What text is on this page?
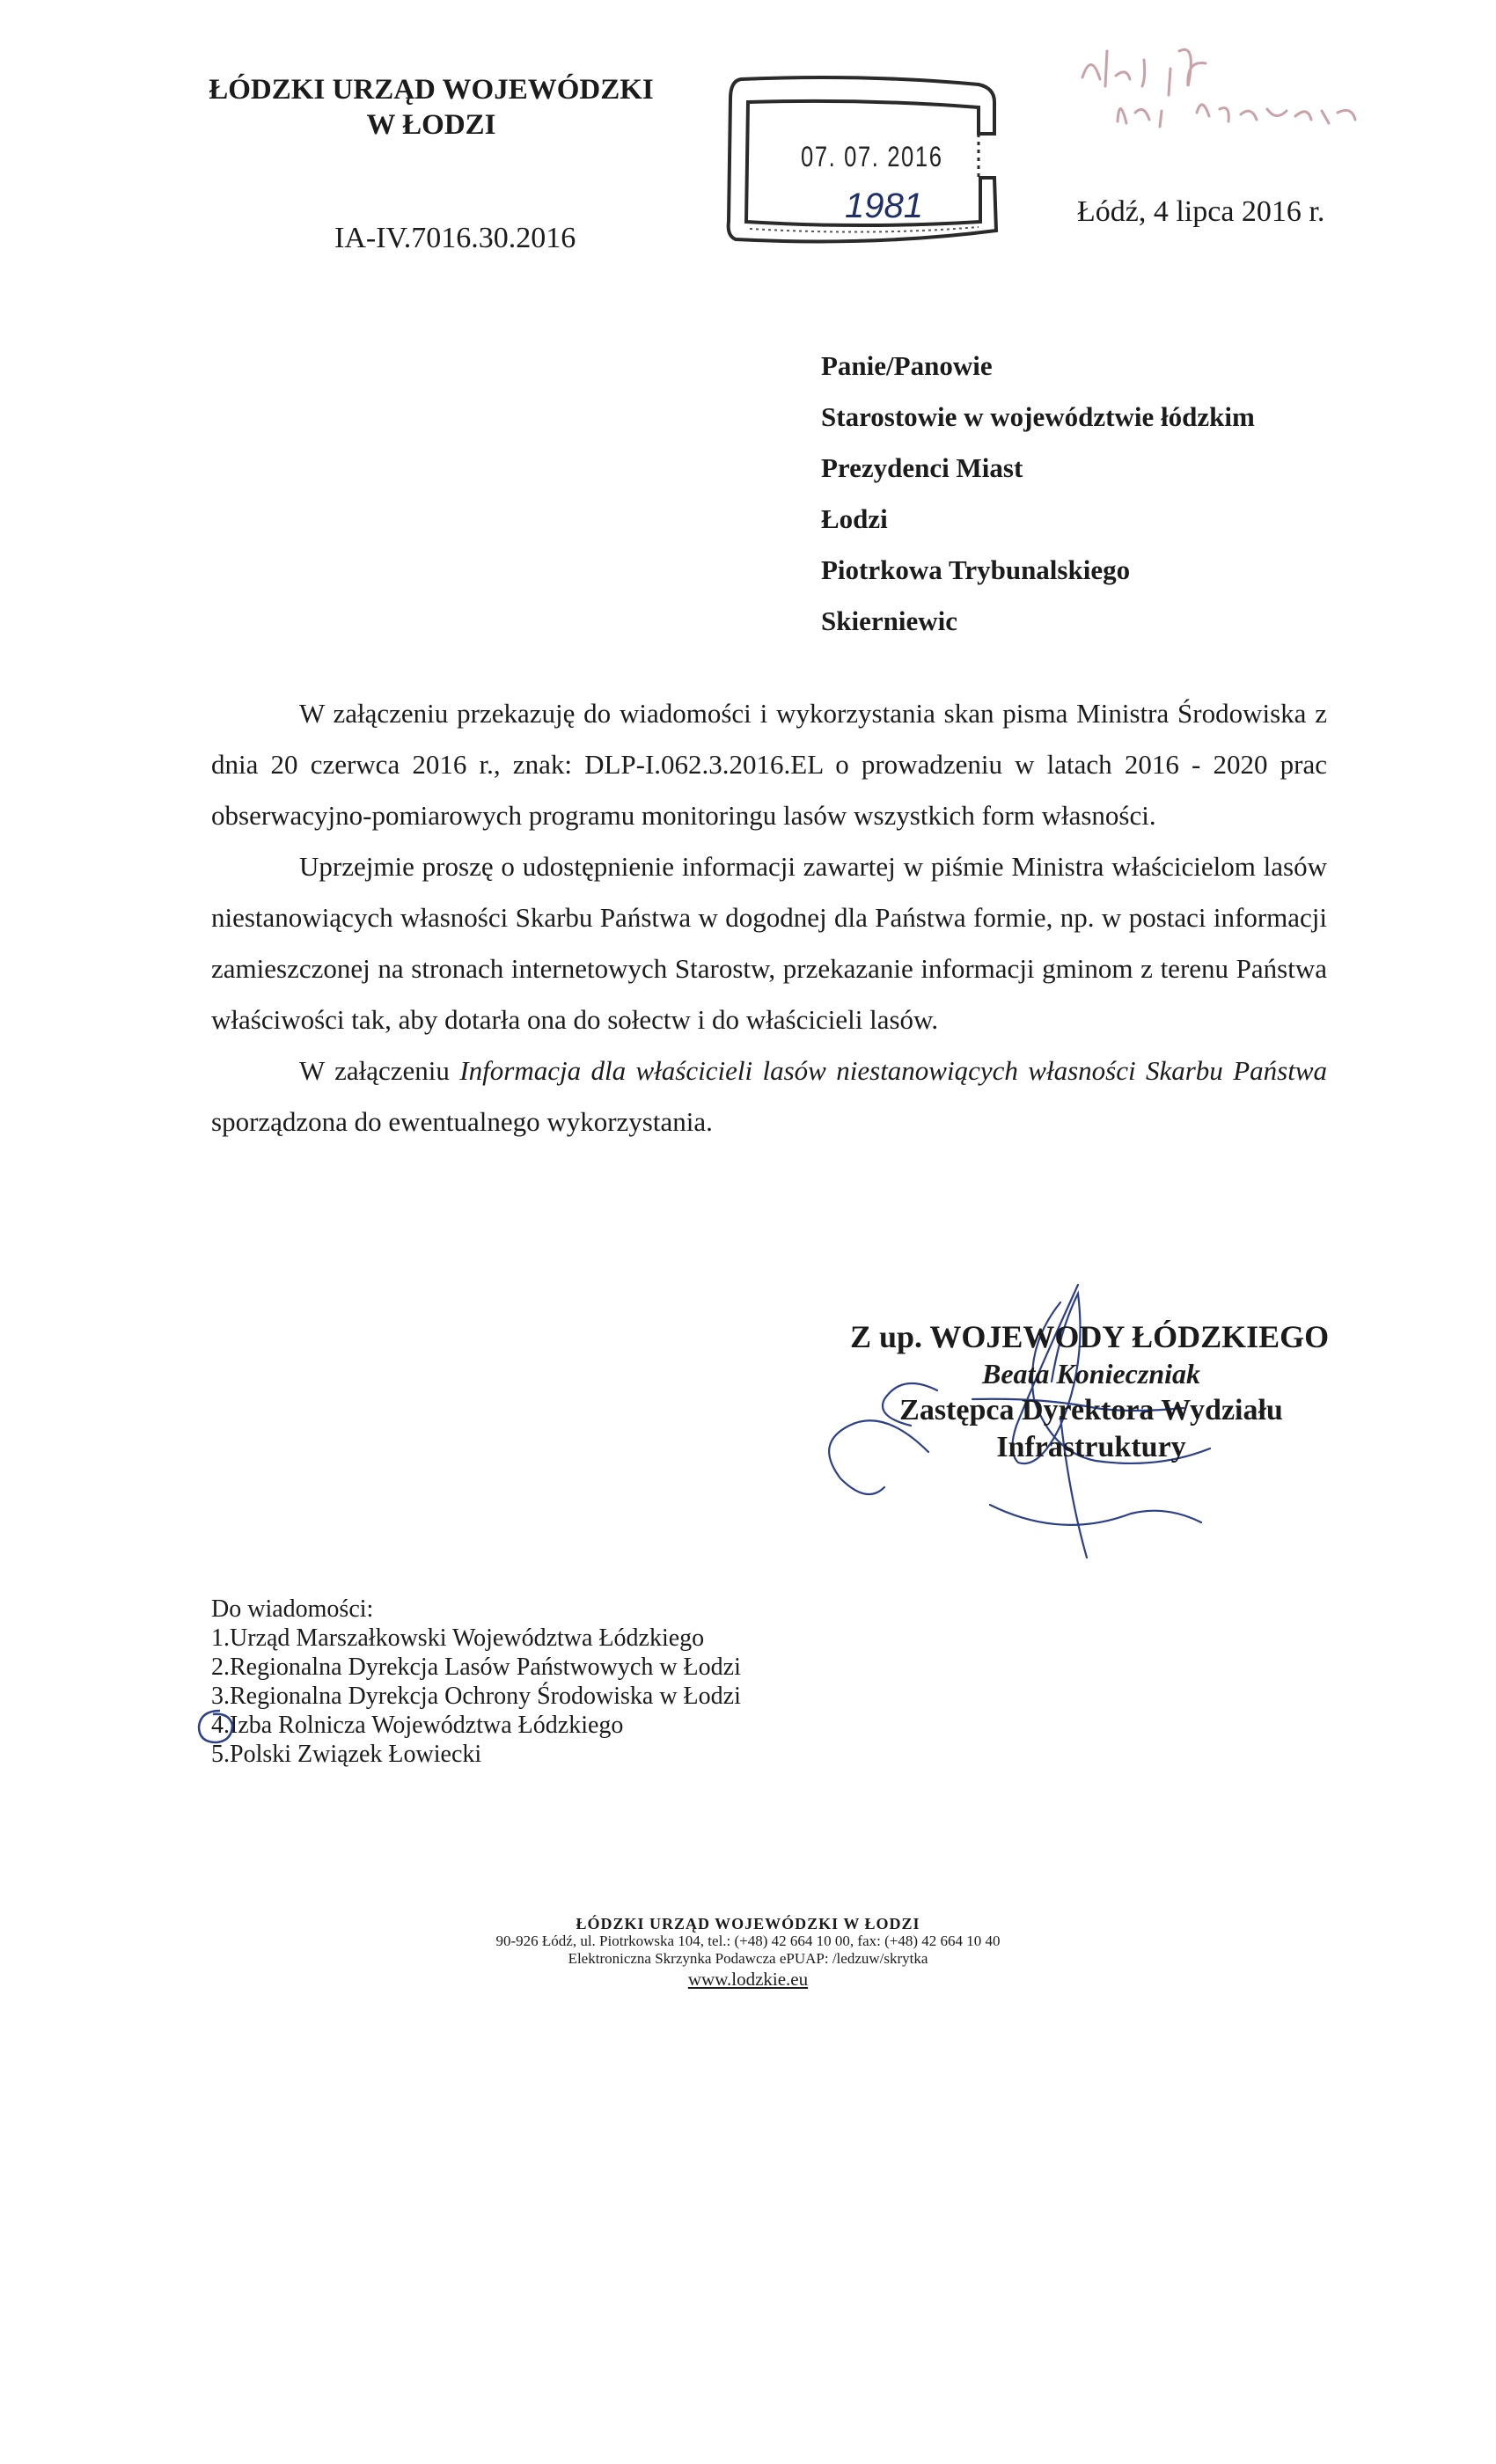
ŁÓDZKI URZĄD WOJEWÓDZKI
W ŁODZI
IA-IV.7016.30.2016
Łódź, 4 lipca 2016 r.
07. 07. 2016
1981
Panie/Panowie
Starostowie w województwie łódzkim
Prezydenci Miast
Łodzi
Piotrkowa Trybunalskiego
Skierniewic

W załączeniu przekazuję do wiadomości i wykorzystania skan pisma Ministra Środowiska z dnia 20 czerwca 2016 r., znak: DLP-I.062.3.2016.EL o prowadzeniu w latach 2016 - 2020 prac obserwacyjno-pomiarowych programu monitoringu lasów wszystkich form własności.

Uprzejmie proszę o udostępnienie informacji zawartej w piśmie Ministra właścicielom lasów niestanowiących własności Skarbu Państwa w dogodnej dla Państwa formie, np. w postaci informacji zamieszczonej na stronach internetowych Starostw, przekazanie informacji gminom z terenu Państwa właściwości tak, aby dotarła ona do sołectw i do właścicieli lasów.

W załączeniu Informacja dla właścicieli lasów niestanowiących własności Skarbu Państwa sporządzona do ewentualnego wykorzystania.

Z up. WOJEWODY ŁÓDZKIEGO
Beata Konieczniak
Zastępca Dyrektora Wydziału
Infrastruktury
Do wiadomości:
1.Urząd Marszałkowski Województwa Łódzkiego
2.Regionalna Dyrekcja Lasów Państwowych w Łodzi
3.Regionalna Dyrekcja Ochrony Środowiska w Łodzi
4.Izba Rolnicza Województwa Łódzkiego
5.Polski Związek Łowiecki
ŁÓDZKI URZĄD WOJEWÓDZKI W ŁODZI
90-926 Łódź, ul. Piotrkowska 104, tel.: (+48) 42 664 10 00, fax: (+48) 42 664 10 40
Elektroniczna Skrzynka Podawcza ePUAP: /ledzuw/skrytka
www.lodzkie.eu
